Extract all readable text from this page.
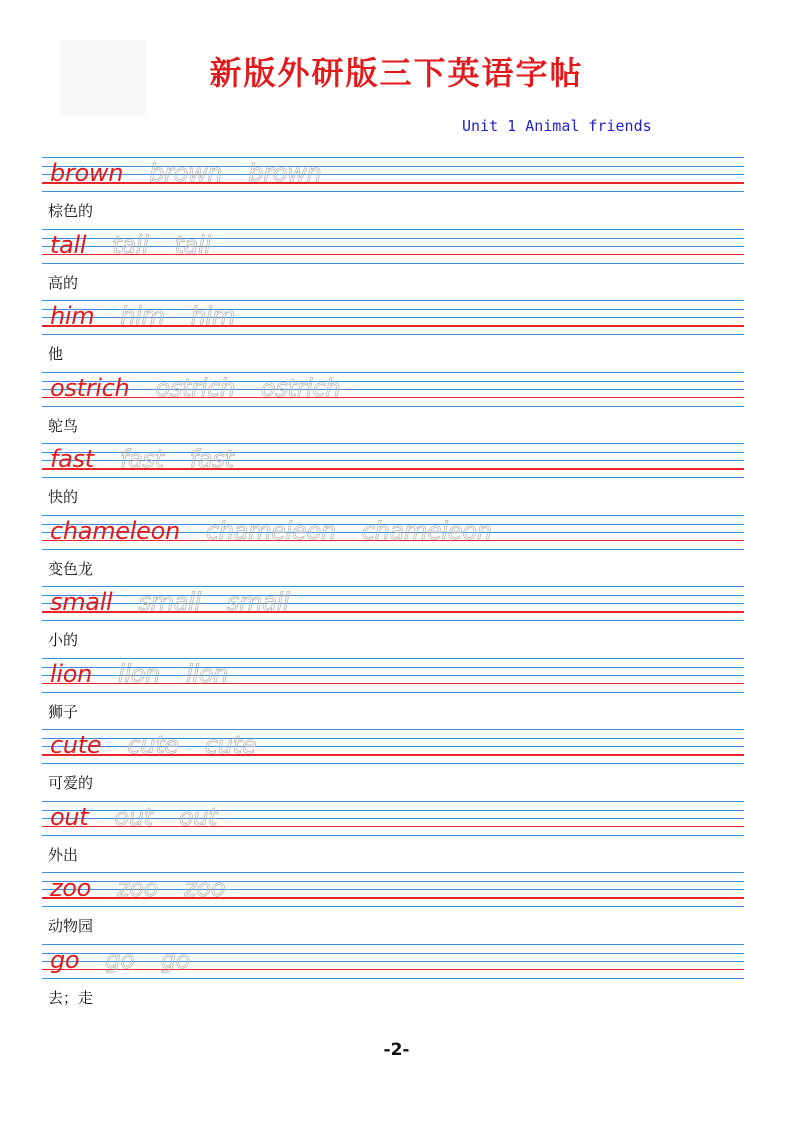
新版外研版三下英语字帖
Unit 1 Animal friends
brown brown brown
棕色的
tall tall tall
高的
him him him
他
ostrich ostrich ostrich
鸵鸟
fast fast fast
快的
chameleon chameleon chameleon
变色龙
small small small
小的
lion lion lion
狮子
cute cute cute
可爱的
out out out
外出
zoo zoo zoo
动物园
go go go
去；走
-2-
